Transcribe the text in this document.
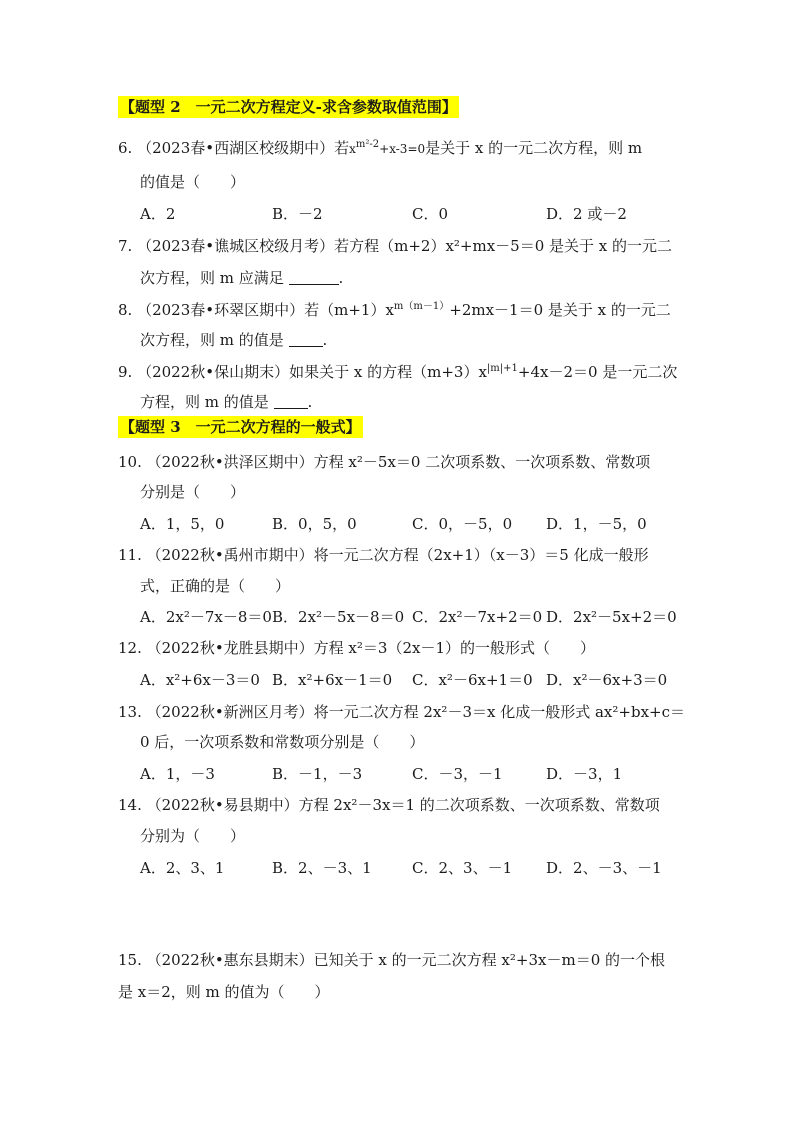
【题型 2　一元二次方程定义-求含参数取值范围】
6. （2023春•西湖区校级期中）若$x^{m^2-2}+x-3=0$是关于 x 的一元二次方程，则 m
的值是（　　）
A．2	B．－2	C．0	D．2 或－2
7. （2023春•谯城区校级月考）若方程（m+2）x²+mx－5＝0 是关于 x 的一元二
次方程，则 m 应满足	.
8. （2023春•环翠区期中）若$(m+1)x^{m(m-1)}+2mx-1=0$ 是关于 x 的一元二
次方程，则 m 的值是	.
9. （2022秋•保山期末）如果关于 x 的方程$(m+3)x^{|m|+1}+4x-2=0$ 是一元二次
方程，则 m 的值是	.
【题型 3　一元二次方程的一般式】
10. （2022秋•洪泽区期中）方程 x²－5x＝0 二次项系数、一次项系数、常数项
分别是（　　）
A．1，5，0	B．0，5，0	C．0，－5，0 D．1，－5，0
11. （2022秋•禹州市期中）将一元二次方程（2x+1）（x－3）＝5 化成一般形
式，正确的是（　　）
A．2x²－7x－8＝0 B．2x²－5x－8＝0 C．2x²－7x+2＝0 D．2x²－5x+2＝0
12. （2022秋•龙胜县期中）方程 x²＝3（2x－1）的一般形式（　　）
A．x²+6x－3＝0 B．x²+6x－1＝0 C．x²－6x+1＝0 D．x²－6x+3＝0
13. （2022秋•新洲区月考）将一元二次方程 2x²－3＝x 化成一般形式 ax²+bx+c＝
0 后，一次项系数和常数项分别是（　　）
A．1，－3	B．－1，－3	C．－3，－1	D．－3，1
14. （2022秋•易县期中）方程 2x²－3x＝1 的二次项系数、一次项系数、常数项
分别为（　　）
A．2、3、1	B．2、－3、1	C．2、3、－1 D．2、－3、－1
15. （2022秋•惠东县期末）已知关于 x 的一元二次方程 x²+3x－m＝0 的一个根
是 x＝2，则 m 的值为（　　）
